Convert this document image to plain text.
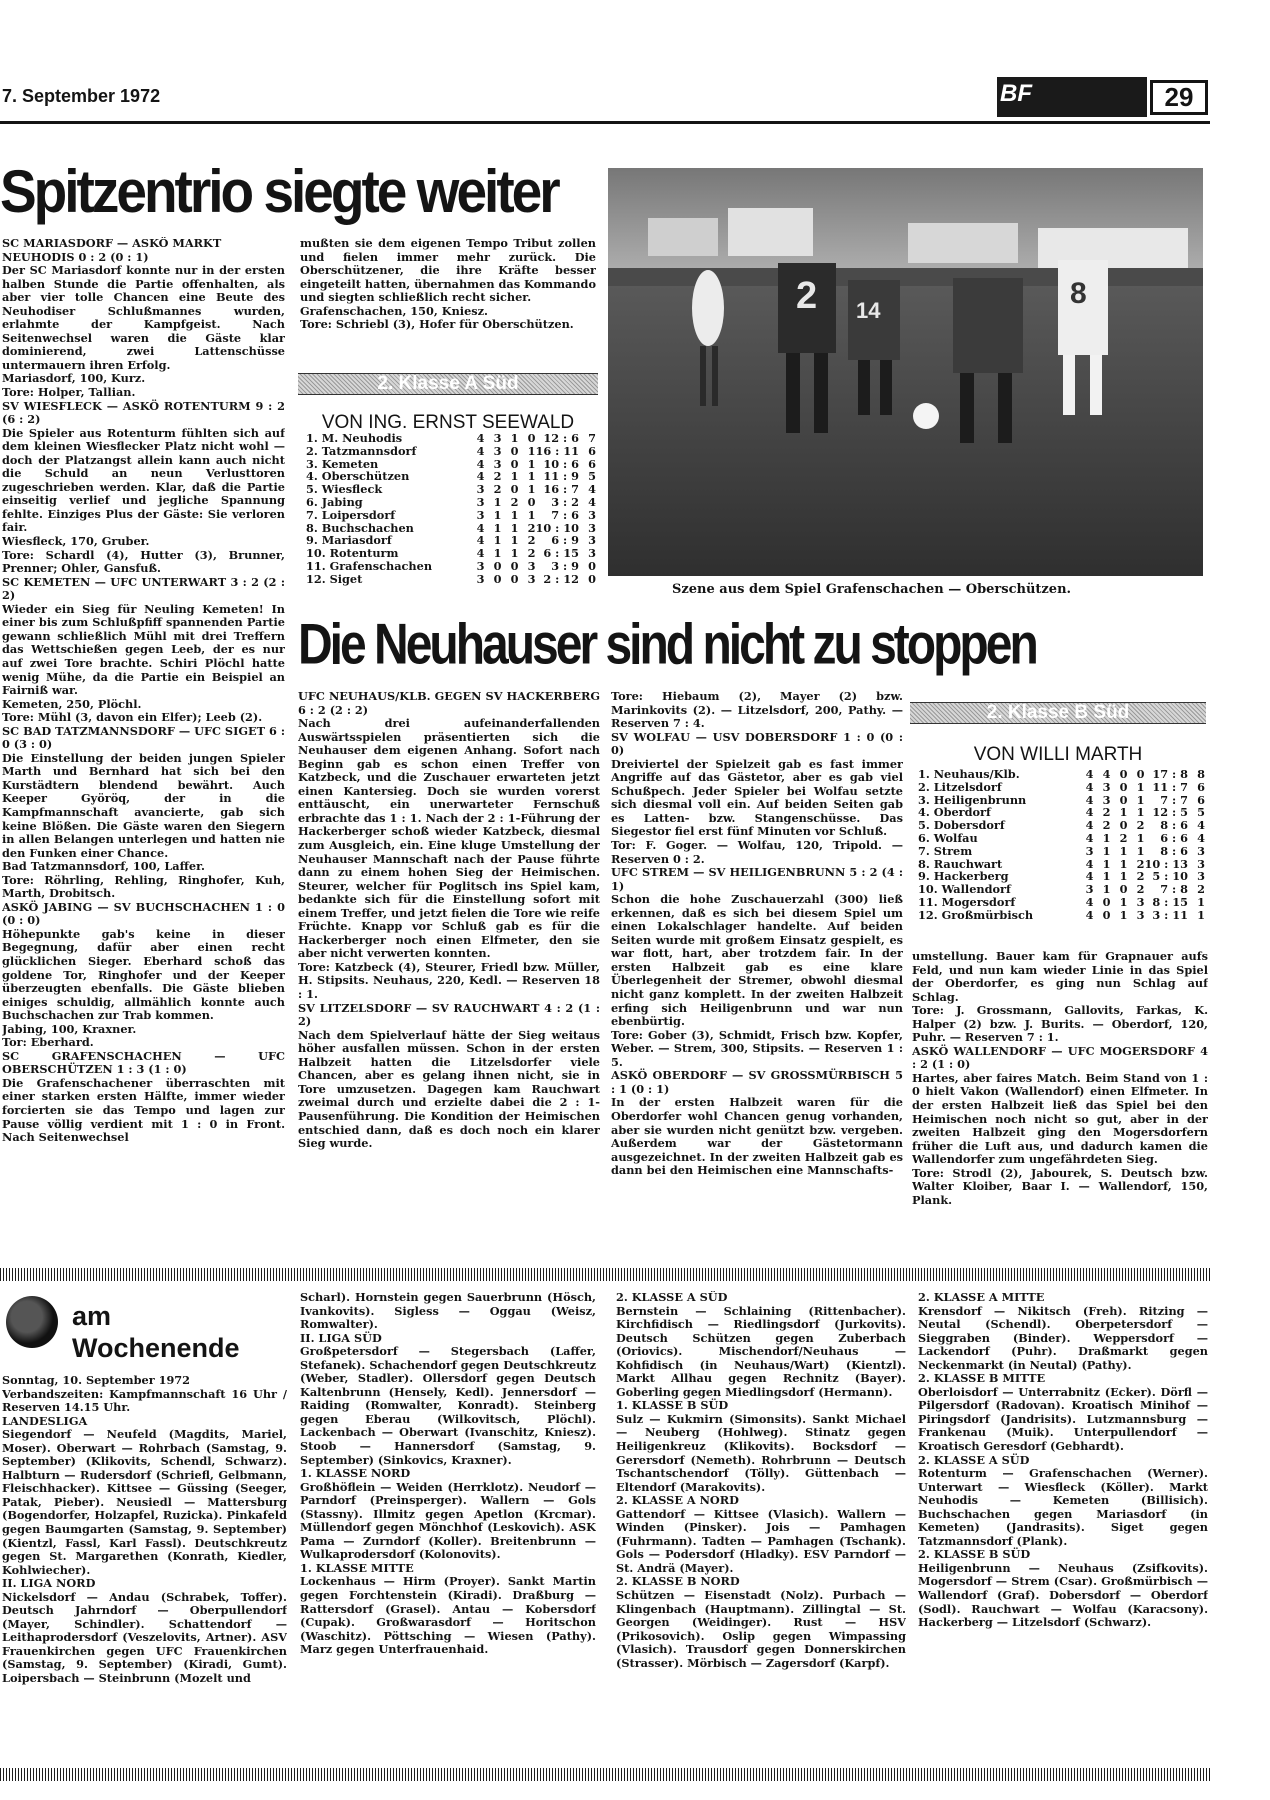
7. September 1972	BF	29
Spitzentrio siegte weiter
SC MARIASDORF — ASKÖ MARKT
NEUHODIS 0 : 2 (0 : 1)
Der SC Mariasdorf konnte nur in der ersten halben Stunde die Partie offenhalten, als aber vier tolle Chancen eine Beute des Neuhodiser Schlußmannes wurden, erlahmte der Kampfgeist. Nach Seitenwechsel waren die Gäste klar dominierend, zwei Lattenschüsse untermauern ihren Erfolg.
Mariasdorf, 100, Kurz.
Tore: Holper, Tallian.
SV WIESFLECK — ASKÖ ROTENTURM 9 : 2 (6 : 2)
Die Spieler aus Rotenturm fühlten sich auf dem kleinen Wiesflecker Platz nicht wohl — doch der Platzangst allein kann auch nicht die Schuld an neun Verlusttoren zugeschrieben werden. Klar, daß die Partie einseitig verlief und jegliche Spannung fehlte. Einziges Plus der Gäste: Sie verloren fair.
Wiesfleck, 170, Gruber.
Tore: Schardl (4), Hutter (3), Brunner, Prenner; Ohler, Gansfuß.
SC KEMETEN — UFC UNTERWART 3 : 2 (2 : 2)
Wieder ein Sieg für Neuling Kemeten! In einer bis zum Schlußpfiff spannenden Partie gewann schließlich Mühl mit drei Treffern das Wettschießen gegen Leeb, der es nur auf zwei Tore brachte. Schiri Plöchl hatte wenig Mühe, da die Partie ein Beispiel an Fairniß war.
Kemeten, 250, Plöchl.
Tore: Mühl (3, davon ein Elfer); Leeb (2).
SC BAD TATZMANNSDORF — UFC SIGET 6 : 0 (3 : 0)
Die Einstellung der beiden jungen Spieler Marth und Bernhard hat sich bei den Kurstädtern blendend bewährt. Auch Keeper Györöq, der in die Kampfmannschaft avancierte, gab sich keine Blößen. Die Gäste waren den Siegern in allen Belangen unterlegen und hatten nie den Funken einer Chance.
Bad Tatzmannsdorf, 100, Laffer.
Tore: Röhrling, Rehling, Ringhofer, Kuh, Marth, Drobitsch.
ASKÖ JABING — SV BUCHSCHACHEN 1 : 0 (0 : 0)
Höhepunkte gab's keine in dieser Begegnung, dafür aber einen recht glücklichen Sieger. Eberhard schoß das goldene Tor, Ringhofer und der Keeper überzeugten ebenfalls. Die Gäste blieben einiges schuldig, allmählich konnte auch Buchschachen zur Trab kommen.
Jabing, 100, Kraxner.
Tor: Eberhard.
SC GRAFENSCHACHEN — UFC OBERSCHÜTZEN 1 : 3 (1 : 0)
Die Grafenschachener überraschten mit einer starken ersten Hälfte, immer wieder forcierten sie das Tempo und lagen zur Pause völlig verdient mit 1 : 0 in Front. Nach Seitenwechsel
mußten sie dem eigenen Tempo Tribut zollen und fielen immer mehr zurück. Die Oberschützener, die ihre Kräfte besser eingeteilt hatten, übernahmen das Kommando und siegten schließlich recht sicher.
Grafenschachen, 150, Kniesz.
Tore: Schriebl (3), Hofer für Oberschützen.
2. Klasse A Süd
VON ING. ERNST SEEWALD
1. M. Neuhodis	4	3	1	0	12 : 6	7
2. Tatzmannsdorf	4	3	0	1	16 : 11	6
3. Kemeten	4	3	0	1	10 : 6	6
4. Oberschützen	4	2	1	1	11 : 9	5
5. Wiesfleck	3	2	0	1	16 : 7	4
6. Jabing	3	1	2	0	3 : 2	4
7. Loipersdorf	3	1	1	1	7 : 6	3
8. Buchschachen	4	1	1	2	10 : 10	3
9. Mariasdorf	4	1	1	2	6 : 9	3
10. Rotenturm	4	1	1	2	6 : 15	3
11. Grafenschachen	3	0	0	3	3 : 9	0
12. Siget	3	0	0	3	2 : 12	0
2 14
8
Szene aus dem Spiel Grafenschachen — Oberschützen.
Die Neuhauser sind nicht zu stoppen
UFC NEUHAUS/KLB. GEGEN SV HACKERBERG 6 : 2 (2 : 2)
Nach drei aufeinanderfallenden Auswärtsspielen präsentierten sich die Neuhauser dem eigenen Anhang. Sofort nach Beginn gab es schon einen Treffer von Katzbeck, und die Zuschauer erwarteten jetzt einen Kantersieg. Doch sie wurden vorerst enttäuscht, ein unerwarteter Fernschuß erbrachte das 1 : 1. Nach der 2 : 1-Führung der Hackerberger schoß wieder Katzbeck, diesmal zum Ausgleich, ein. Eine kluge Umstellung der Neuhauser Mannschaft nach der Pause führte dann zu einem hohen Sieg der Heimischen. Steurer, welcher für Poglitsch ins Spiel kam, bedankte sich für die Einstellung sofort mit einem Treffer, und jetzt fielen die Tore wie reife Früchte. Knapp vor Schluß gab es für die Hackerberger noch einen Elfmeter, den sie aber nicht verwerten konnten.
Tore: Katzbeck (4), Steurer, Friedl bzw. Müller, H. Stipsits. Neuhaus, 220, Kedl. — Reserven 18 : 1.
SV LITZELSDORF — SV RAUCHWART 4 : 2 (1 : 2)
Nach dem Spielverlauf hätte der Sieg weitaus höher ausfallen müssen. Schon in der ersten Halbzeit hatten die Litzelsdorfer viele Chancen, aber es gelang ihnen nicht, sie in Tore umzusetzen. Dagegen kam Rauchwart zweimal durch und erzielte dabei die 2 : 1-Pausenführung. Die Kondition der Heimischen entschied dann, daß es doch noch ein klarer Sieg wurde.
Tore: Hiebaum (2), Mayer (2) bzw. Marinkovits (2). — Litzelsdorf, 200, Pathy. — Reserven 7 : 4.
SV WOLFAU — USV DOBERSDORF 1 : 0 (0 : 0)
Dreiviertel der Spielzeit gab es fast immer Angriffe auf das Gästetor, aber es gab viel Schußpech. Jeder Spieler bei Wolfau setzte sich diesmal voll ein. Auf beiden Seiten gab es Latten- bzw. Stangenschüsse. Das Siegestor fiel erst fünf Minuten vor Schluß.
Tor: F. Goger. — Wolfau, 120, Tripold. — Reserven 0 : 2.
UFC STREM — SV HEILIGENBRUNN 5 : 2 (4 : 1)
Schon die hohe Zuschauerzahl (300) ließ erkennen, daß es sich bei diesem Spiel um einen Lokalschlager handelte. Auf beiden Seiten wurde mit großem Einsatz gespielt, es war flott, hart, aber trotzdem fair. In der ersten Halbzeit gab es eine klare Überlegenheit der Stremer, obwohl diesmal nicht ganz komplett. In der zweiten Halbzeit erfing sich Heiligenbrunn und war nun ebenbürtig.
Tore: Gober (3), Schmidt, Frisch bzw. Kopfer, Weber. — Strem, 300, Stipsits. — Reserven 1 : 5.
ASKÖ OBERDORF — SV GROSSMÜRBISCH 5 : 1 (0 : 1)
In der ersten Halbzeit waren für die Oberdorfer wohl Chancen genug vorhanden, aber sie wurden nicht genützt bzw. vergeben. Außerdem war der Gästetormann ausgezeichnet. In der zweiten Halbzeit gab es dann bei den Heimischen eine Mannschafts-
2. Klasse B Süd
VON WILLI MARTH
1. Neuhaus/Klb.	4	4	0	0	17 : 8	8
2. Litzelsdorf	4	3	0	1	11 : 7	6
3. Heiligenbrunn	4	3	0	1	7 : 7	6
4. Oberdorf	4	2	1	1	12 : 5	5
5. Dobersdorf	4	2	0	2	8 : 6	4
6. Wolfau	4	1	2	1	6 : 6	4
7. Strem	3	1	1	1	8 : 6	3
8. Rauchwart	4	1	1	2	10 : 13	3
9. Hackerberg	4	1	1	2	5 : 10	3
10. Wallendorf	3	1	0	2	7 : 8	2
11. Mogersdorf	4	0	1	3	8 : 15	1
12. Großmürbisch	4	0	1	3	3 : 11	1
umstellung. Bauer kam für Grapnauer aufs Feld, und nun kam wieder Linie in das Spiel der Oberdorfer, es ging nun Schlag auf Schlag.
Tore: J. Grossmann, Gallovits, Farkas, K. Halper (2) bzw. J. Burits. — Oberdorf, 120, Puhr. — Reserven 7 : 1.
ASKÖ WALLENDORF — UFC MOGERSDORF 4 : 2 (1 : 0)
Hartes, aber faires Match. Beim Stand von 1 : 0 hielt Vakon (Wallendorf) einen Elfmeter. In der ersten Halbzeit ließ das Spiel bei den Heimischen noch nicht so gut, aber in der zweiten Halbzeit ging den Mogersdorfern früher die Luft aus, und dadurch kamen die Wallendorfer zum ungefährdeten Sieg.
Tore: Strodl (2), Jabourek, S. Deutsch bzw. Walter Kloiber, Baar I. — Wallendorf, 150, Plank.
am
Wochenende
Sonntag, 10. September 1972
Verbandszeiten: Kampfmannschaft 16 Uhr / Reserven 14.15 Uhr.
LANDESLIGA
Siegendorf — Neufeld (Magdits, Mariel, Moser). Oberwart — Rohrbach (Samstag, 9. September) (Klikovits, Schendl, Schwarz). Halbturn — Rudersdorf (Schriefl, Gelbmann, Fleischhacker). Kittsee — Güssing (Seeger, Patak, Pieber). Neusiedl — Mattersburg (Bogendorfer, Holzapfel, Ruzicka). Pinkafeld gegen Baumgarten (Samstag, 9. September) (Kientzl, Fassl, Karl Fassl). Deutschkreutz gegen St. Margarethen (Konrath, Kiedler, Kohlwiecher).
II. LIGA NORD
Nickelsdorf — Andau (Schrabek, Toffer). Deutsch Jahrndorf — Oberpullendorf (Mayer, Schindler). Schattendorf — Leithaprodersdorf (Veszelovits, Artner). ASV Frauenkirchen gegen UFC Frauenkirchen (Samstag, 9. September) (Kiradi, Gumt). Loipersbach — Steinbrunn (Mozelt und
Scharl). Hornstein gegen Sauerbrunn (Hösch, Ivankovits). Sigless — Oggau (Weisz, Romwalter).
II. LIGA SÜD
Großpetersdorf — Stegersbach (Laffer, Stefanek). Schachendorf gegen Deutschkreutz (Weber, Stadler). Ollersdorf gegen Deutsch Kaltenbrunn (Hensely, Kedl). Jennersdorf — Raiding (Romwalter, Konradt). Steinberg gegen Eberau (Wilkovitsch, Plöchl). Lackenbach — Oberwart (Ivanschitz, Kniesz). Stoob — Hannersdorf (Samstag, 9. September) (Sinkovics, Kraxner).
1. KLASSE NORD
Großhöflein — Weiden (Herrklotz). Neudorf — Parndorf (Preinsperger). Wallern — Gols (Stassny). Illmitz gegen Apetlon (Krcmar). Müllendorf gegen Mönchhof (Leskovich). ASK Pama — Zurndorf (Koller). Breitenbrunn — Wulkaprodersdorf (Kolonovits).
1. KLASSE MITTE
Lockenhaus — Hirm (Proyer). Sankt Martin gegen Forchtenstein (Kiradi). Draßburg — Rattersdorf (Grasel). Antau — Kobersdorf (Cupak). Großwarasdorf — Horitschon (Waschitz). Pöttsching — Wiesen (Pathy). Marz gegen Unterfrauenhaid.
2. KLASSE A SÜD
Bernstein — Schlaining (Rittenbacher). Kirchfidisch — Riedlingsdorf (Jurkovits). Deutsch Schützen gegen Zuberbach (Oriovics). Mischendorf/Neuhaus — Kohfidisch (in Neuhaus/Wart) (Kientzl). Markt Allhau gegen Rechnitz (Bayer). Goberling gegen Miedlingsdorf (Hermann).
1. KLASSE B SÜD
Sulz — Kukmirn (Simonsits). Sankt Michael — Neuberg (Hohlweg). Stinatz gegen Heiligenkreuz (Klikovits). Bocksdorf — Gerersdorf (Nemeth). Rohrbrunn — Deutsch Tschantschendorf (Tölly). Güttenbach — Eltendorf (Marakovits).
2. KLASSE A NORD
Gattendorf — Kittsee (Vlasich). Wallern — Winden (Pinsker). Jois — Pamhagen (Fuhrmann). Tadten — Pamhagen (Tschank). Gols — Podersdorf (Hladky). ESV Parndorf — St. Andrä (Mayer).
2. KLASSE B NORD
Schützen — Eisenstadt (Nolz). Purbach — Klingenbach (Hauptmann). Zillingtal — St. Georgen (Weidinger). Rust — HSV (Prikosovich). Oslip gegen Wimpassing (Vlasich). Trausdorf gegen Donnerskirchen (Strasser). Mörbisch — Zagersdorf (Karpf).
2. KLASSE A MITTE
Krensdorf — Nikitsch (Freh). Ritzing — Neutal (Schendl). Oberpetersdorf — Sieggraben (Binder). Weppersdorf — Lackendorf (Puhr). Draßmarkt gegen Neckenmarkt (in Neutal) (Pathy).
2. KLASSE B MITTE
Oberloisdorf — Unterrabnitz (Ecker). Dörfl — Pilgersdorf (Radovan). Kroatisch Minihof — Piringsdorf (Jandrisits). Lutzmannsburg — Frankenau (Muik). Unterpullendorf — Kroatisch Geresdorf (Gebhardt).
2. KLASSE A SÜD
Rotenturm — Grafenschachen (Werner). Unterwart — Wiesfleck (Köller). Markt Neuhodis — Kemeten (Billisich). Buchschachen gegen Mariasdorf (in Kemeten) (Jandrasits). Siget gegen Tatzmannsdorf (Plank).
2. KLASSE B SÜD
Heiligenbrunn — Neuhaus (Zsifkovits). Mogersdorf — Strem (Csar). Großmürbisch — Wallendorf (Graf). Dobersdorf — Oberdorf (Sodl). Rauchwart — Wolfau (Karacsony). Hackerberg — Litzelsdorf (Schwarz).
